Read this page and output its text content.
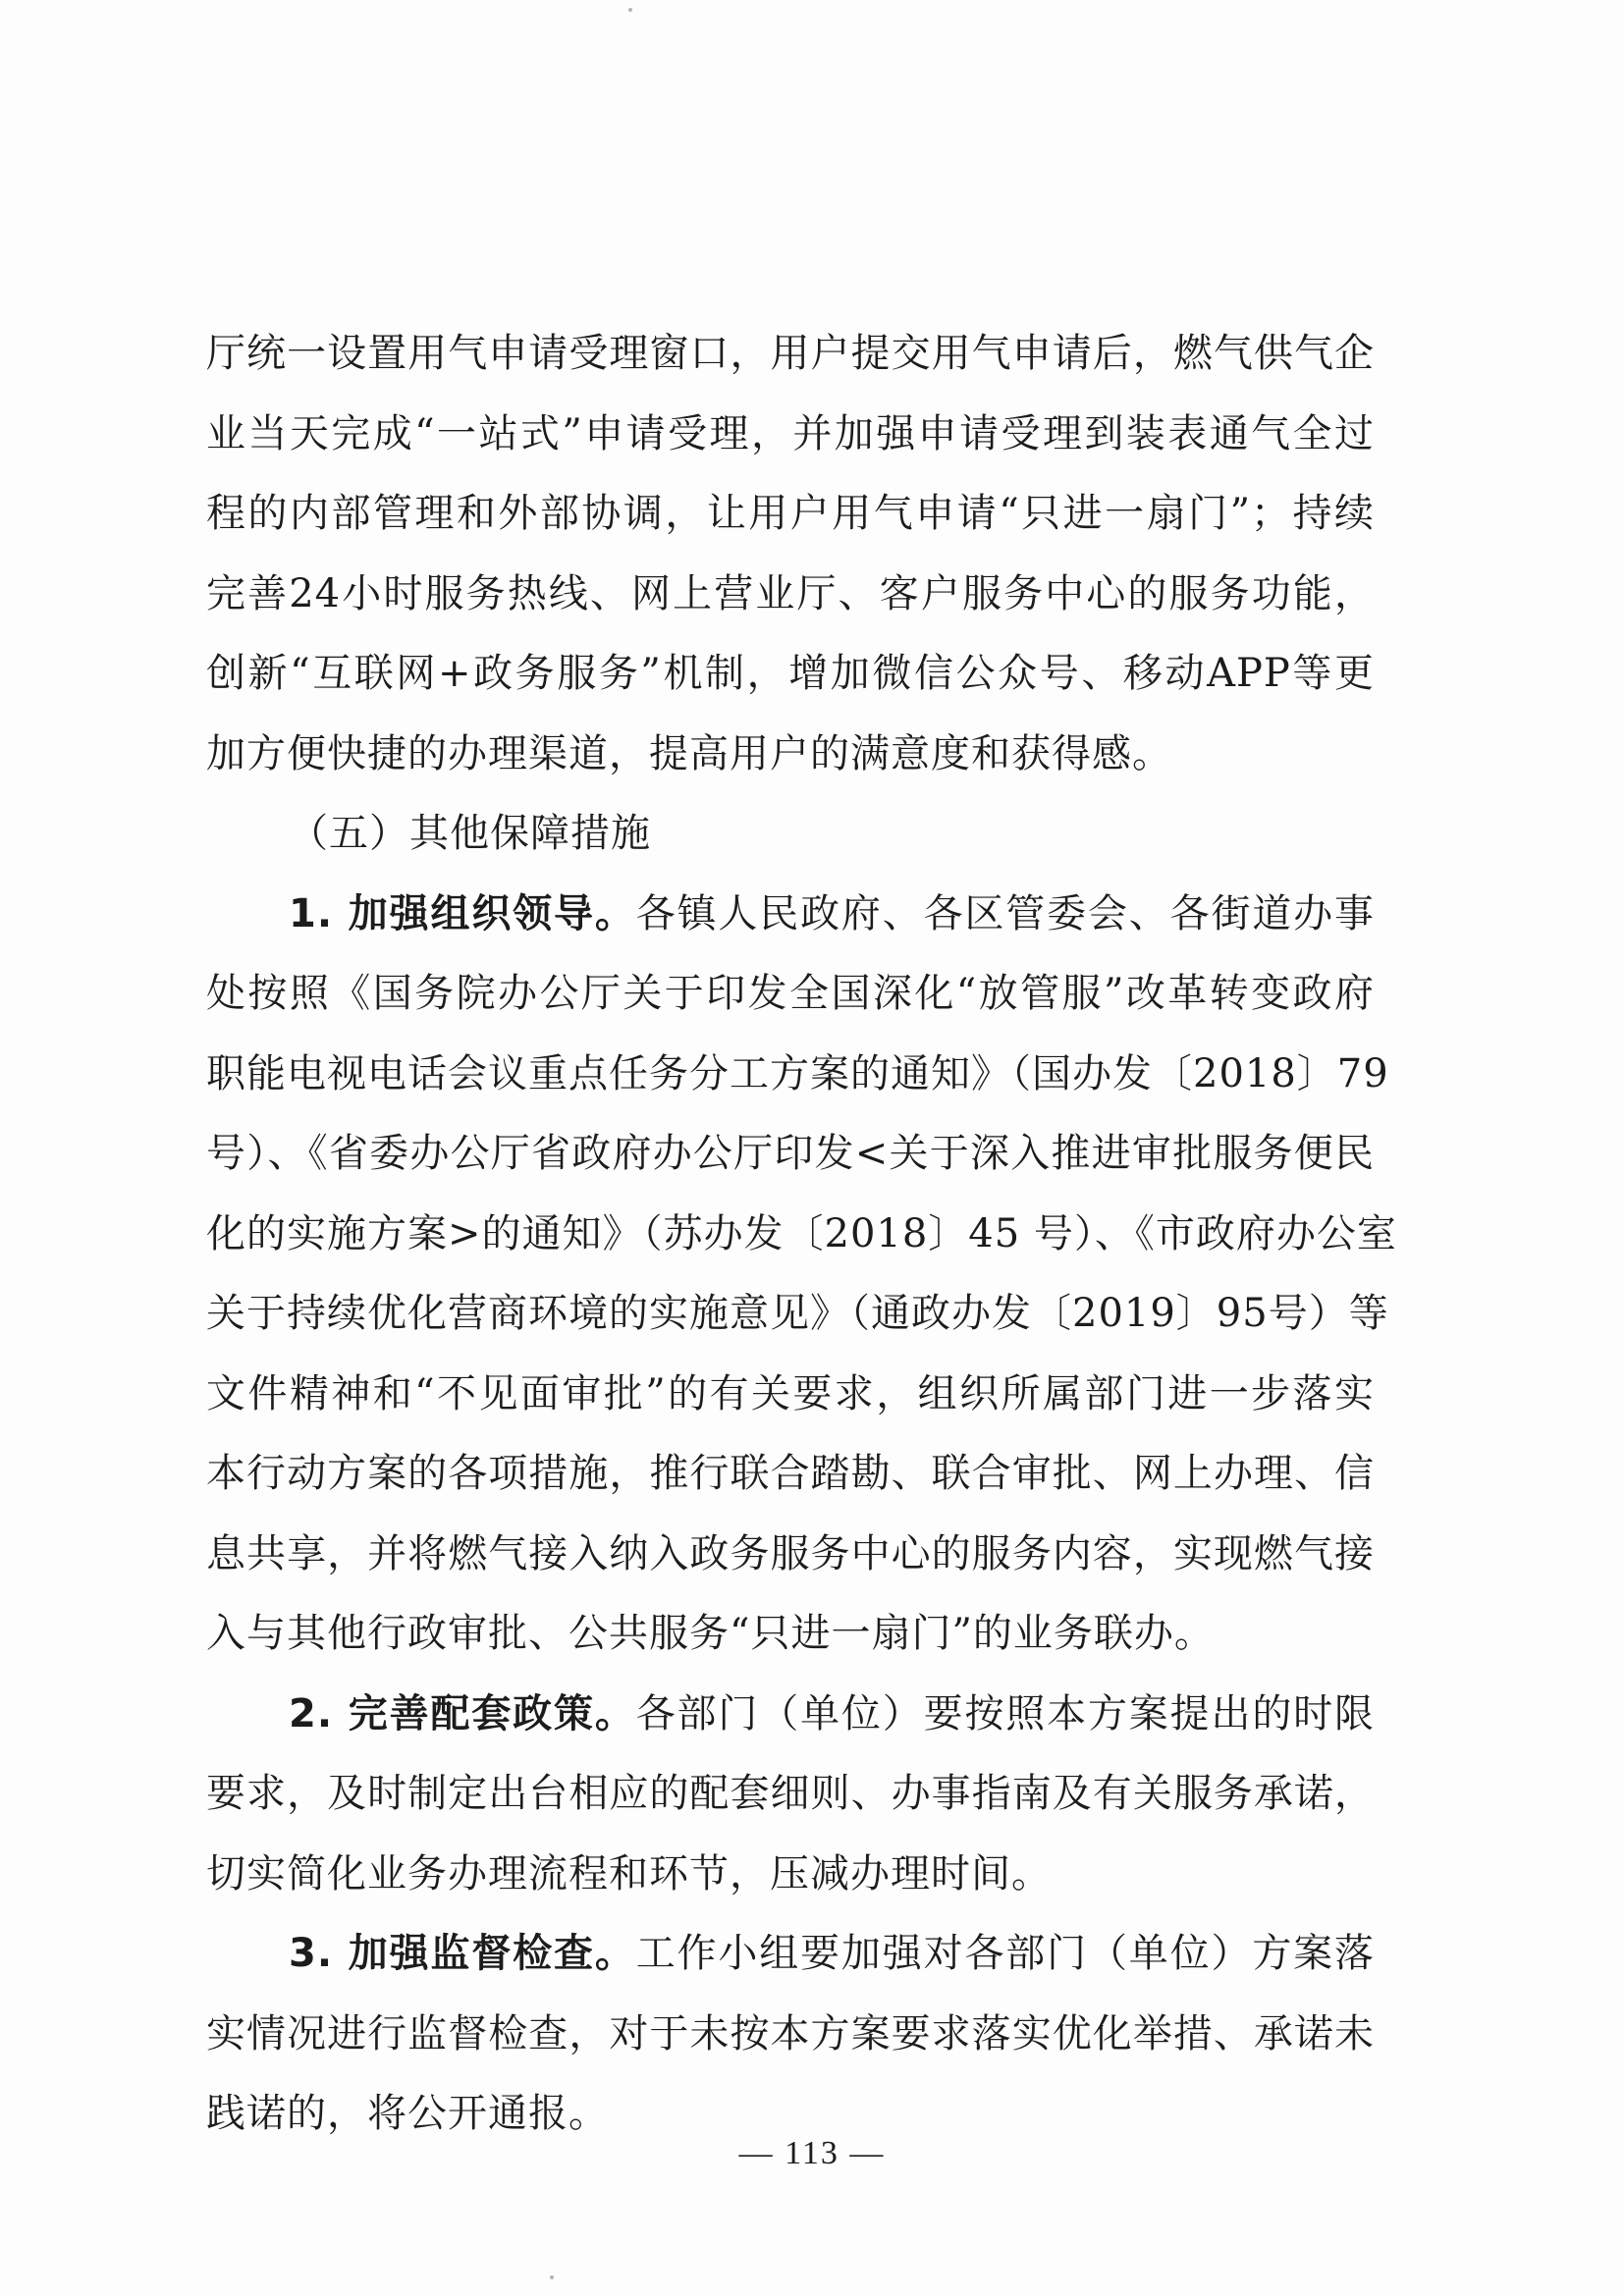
厅统一设置用气申请受理窗口，用户提交用气申请后，燃气供气企
业当天完成“一站式”申请受理，并加强申请受理到装表通气全过
程的内部管理和外部协调，让用户用气申请“只进一扇门”；持续
完善24小时服务热线、网上营业厅、客户服务中心的服务功能，
创新“互联网+政务服务”机制，增加微信公众号、移动APP等更
加方便快捷的办理渠道，提高用户的满意度和获得感。
（五）其他保障措施
1. 加强组织领导。各镇人民政府、各区管委会、各街道办事
处按照《国务院办公厅关于印发全国深化“放管服”改革转变政府
职能电视电话会议重点任务分工方案的通知》（国办发〔2018〕79
号）、《省委办公厅省政府办公厅印发<关于深入推进审批服务便民
化的实施方案>的通知》（苏办发〔2018〕45 号）、《市政府办公室
关于持续优化营商环境的实施意见》（通政办发〔2019〕95号）等
文件精神和“不见面审批”的有关要求，组织所属部门进一步落实
本行动方案的各项措施，推行联合踏勘、联合审批、网上办理、信
息共享，并将燃气接入纳入政务服务中心的服务内容，实现燃气接
入与其他行政审批、公共服务“只进一扇门”的业务联办。
2. 完善配套政策。各部门（单位）要按照本方案提出的时限
要求，及时制定出台相应的配套细则、办事指南及有关服务承诺，
切实简化业务办理流程和环节，压减办理时间。
3. 加强监督检查。工作小组要加强对各部门（单位）方案落
实情况进行监督检查，对于未按本方案要求落实优化举措、承诺未
践诺的，将公开通报。
— 113 —
